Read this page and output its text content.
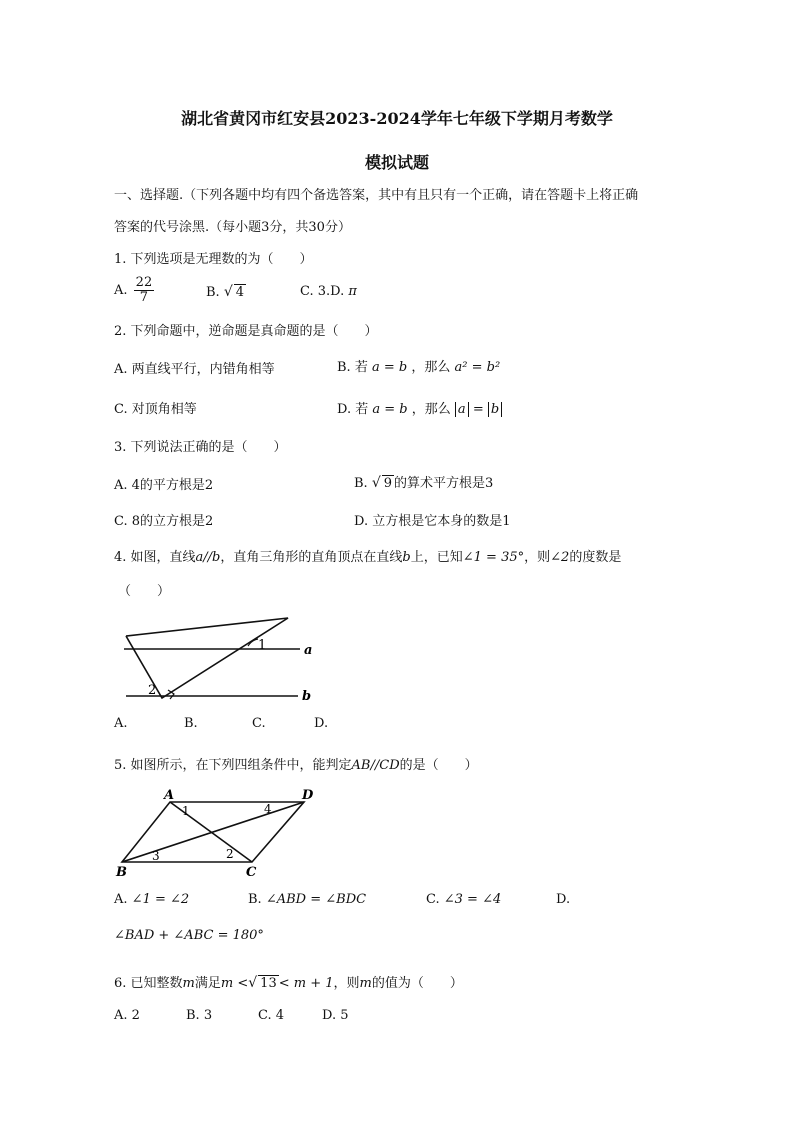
湖北省黄冈市红安县2023-2024学年七年级下学期月考数学
模拟试题
一、选择题.（下列各题中均有四个备选答案，其中有且只有一个正确，请在答题卡上将正确
答案的代号涂黑.（每小题3分，共30分）
1. 下列选项是无理数的为（　　）
A. $\frac{22}{7}$	B. √ 4	C. 3.D. π
2. 下列命题中，逆命题是真命题的是（　　）
A. 两直线平行，内错角相等	B. 若 a = b ，那么 a² = b²
C. 对顶角相等	D. 若 a = b ，那么 a = b
3. 下列说法正确的是（　　）
A. 4的平方根是2	B. √ 9 的算术平方根是3
C. 8的立方根是2	D. 立方根是它本身的数是1
4. 如图，直线a//b，直角三角形的直角顶点在直线b上，已知∠1 = 35°，则∠2的度数是
（　　）
1
2
a
b
A.	B.	C.	D.
5. 如图所示，在下列四组条件中，能判定AB//CD的是（　　）
A
B	C
D
1
2
3
4
A. ∠1 = ∠2	B. ∠ABD = ∠BDC	C. ∠3 = ∠4	D.
∠BAD + ∠ABC = 180°
6. 已知整数m满足m <√ 13 < m + 1，则m的值为（　　）
A. 2	B. 3	C. 4	D. 5
